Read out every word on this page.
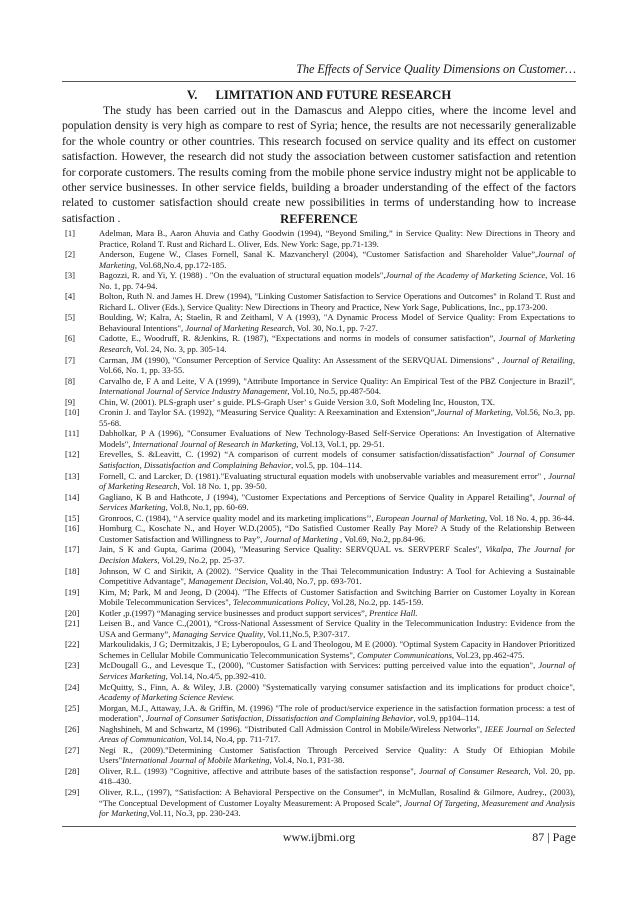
The Effects of Service Quality Dimensions on Customer…
V. LIMITATION AND FUTURE RESEARCH

The study has been carried out in the Damascus and Aleppo cities, where the income level and population density is very high as compare to rest of Syria; hence, the results are not necessarily generalizable for the whole country or other countries. This research focused on service quality and its effect on customer satisfaction. However, the research did not study the association between customer satisfaction and retention for corporate customers. The results coming from the mobile phone service industry might not be applicable to other service businesses. In other service fields, building a broader understanding of the effect of the factors related to customer satisfaction should create new possibilities in terms of understanding how to increase satisfaction .	REFERENCE
[1]	Adelman, Mara B., Aaron Ahuvia and Cathy Goodwin (1994), “Beyond Smiling,” in Service Quality: New Directions in Theory and Practice, Roland T. Rust and Richard L. Oliver, Eds. New York: Sage, pp.71-139.
[2]	Anderson, Eugene W., Clases Fornell, Sanal K. Mazvancheryl (2004), “Customer Satisfaction and Shareholder Value”,Journal of Marketing, Vol.68,No.4, pp.172-185.
[3]	Bagozzi, R. and Yi, Y. (1988) . "On the evaluation of structural equation models",Journal of the Academy of Marketing Science, Vol. 16 No. 1, pp. 74-94.
[4]	Bolton, Ruth N. and James H. Drew (1994), "Linking Customer Satisfaction to Service Operations and Outcomes" in Roland T. Rust and Richard L. Oliver (Eds.), Service Quality: New Directions in Theory and Practice, New York Sage, Publications, Inc., pp.173-200.
[5]	Boulding, W; Kalra, A; Staelin, R and Zeithaml, V A (1993), "A Dynamic Process Model of Service Quality: From Expectations to Behavioural Intentions", Journal of Marketing Research, Vol. 30, No.1, pp. 7-27.
[6]	Cadotte, E., Woodruff, R. &Jenkins, R. (1987), “Expectations and norms in models of consumer satisfaction”, Journal of Marketing Research, Vol. 24, No. 3, pp. 305-14.
[7]	Carman, JM (1990), "Consumer Perception of Service Quality: An Assessment of the SERVQUAL Dimensions" , Journal of Retailing, Vol.66, No. 1, pp. 33-55.
[8]	Carvalho de, F A and Leite, V A (1999), "Attribute Importance in Service Quality: An Empirical Test of the PBZ Conjecture in Brazil", International Journal of Service Industry Management, Vol.10, No.5, pp.487-504.
[9]	Chin, W. (2001). PLS-graph userʼ s guide. PLS-Graph Userʼ s Guide Version 3.0, Soft Modeling Inc, Houston, TX.
[10]	Cronin J. and Taylor SA. (1992), “Measuring Service Quality: A Reexamination and Extension”,Journal of Marketing, Vol.56, No.3, pp. 55-68.
[11]	Dabholkar, P A (1996), "Consumer Evaluations of New Technology-Based Self-Service Operations: An Investigation of Alternative Models", International Journal of Research in Marketing, Vol.13, Vol.1, pp. 29-51.
[12]	Erevelles, S. &Leavitt, C. (1992) “A comparison of current models of consumer satisfaction/dissatisfaction” Journal of Consumer Satisfaction, Dissatisfaction and Complaining Behavior, vol.5, pp. 104–114.
[13]	Fornell, C. and Larcker, D. (1981)."Evaluating structural equation models with unobservable variables and measurement error" , Journal of Marketing Research, Vol. 18 No. 1, pp. 39-50.
[14]	Gagliano, K B and Hathcote, J (1994), "Customer Expectations and Perceptions of Service Quality in Apparel Retailing", Journal of Services Marketing, Vol.8, No.1, pp. 60-69.
[15]	Gronroos, C. (1984), ‘‘A service quality model and its marketing implications’’, European Journal of Marketing, Vol. 18 No. 4, pp. 36-44.
[16]	Homburg C., Koschate N., and Hoyer W.D.(2005), “Do Satisfied Customer Really Pay More? A Study of the Relationship Between Customer Satisfaction and Willingness to Pay”, Journal of Marketing , Vol.69, No.2, pp.84-96.
[17]	Jain, S K and Gupta, Garima (2004), "Measuring Service Quality: SERVQUAL vs. SERVPERF Scales", Vikalpa, The Journal for Decision Makers, Vol.29, No.2, pp. 25-37.
[18]	Johnson, W C and Sirikit, A (2002). "Service Quality in the Thai Telecommunication Industry: A Tool for Achieving a Sustainable Competitive Advantage", Management Decision, Vol.40, No.7, pp. 693-701.
[19]	Kim, M; Park, M and Jeong, D (2004). "The Effects of Customer Satisfaction and Switching Barrier on Customer Loyalty in Korean Mobile Telecommunication Services", Telecommunications Policy, Vol.28, No.2, pp. 145-159.
[20]	Kotler ,p.(1997) “Managing service businesses and product support services”, Prentice Hall.
[21]	Leisen B., and Vance C.,(2001), “Cross-National Assessment of Service Quality in the Telecommunication Industry: Evidence from the USA and Germany”, Managing Service Quality, Vol.11,No.5, P.307-317.
[22]	Markoulidakis, J G; Dermitzakis, J E; Lyberopoulos, G L and Theologou, M E (2000). "Optimal System Capacity in Handover Prioritized Schemes in Cellular Mobile Communicatio Telecommunication Systems", Computer Communications, Vol.23, pp.462-475.
[23]	McDougall G., and Levesque T., (2000), "Customer Satisfaction with Services: putting perceived value into the equation", Journal of Services Marketing, Vol.14, No.4/5, pp.392-410.
[24]	McQuitty, S., Finn, A. & Wiley, J.B. (2000) "Systematically varying consumer satisfaction and its implications for product choice", Academy of Marketing Science Review.
[25]	Morgan, M.J., Attaway, J.A. & Griffin, M. (1996) "The role of product/service experience in the satisfaction formation process: a test of moderation", Journal of Consumer Satisfaction, Dissatisfaction and Complaining Behavior, vol.9, pp104–114.
[26]	Naghshineh, M and Schwartz, M (1996). "Distributed Call Admission Control in Mobile/Wireless Networks", IEEE Journal on Selected Areas of Communication, Vol.14, No.4, pp. 711-717.
[27]	Negi R., (2009)."Determining Customer Satisfaction Through Perceived Service Quality: A Study Of Ethiopian Mobile Users"International Journal of Mobile Marketing, Vol.4, No.1, P31-38.
[28]	Oliver, R.L. (1993) "Cognitive, affective and attribute bases of the satisfaction response", Journal of Consumer Research, Vol. 20, pp. 418–430.
[29]	Oliver, R.L., (1997), “Satisfaction: A Behavioral Perspective on the Consumer”, in McMullan, Rosalind & Gilmore, Audrey., (2003), “The Conceptual Development of Customer Loyalty Measurement: A Proposed Scale”, Journal Of Targeting, Measurement and Analysis for Marketing,Vol.11, No.3, pp. 230-243.
www.ijbmi.org	87 | Page
